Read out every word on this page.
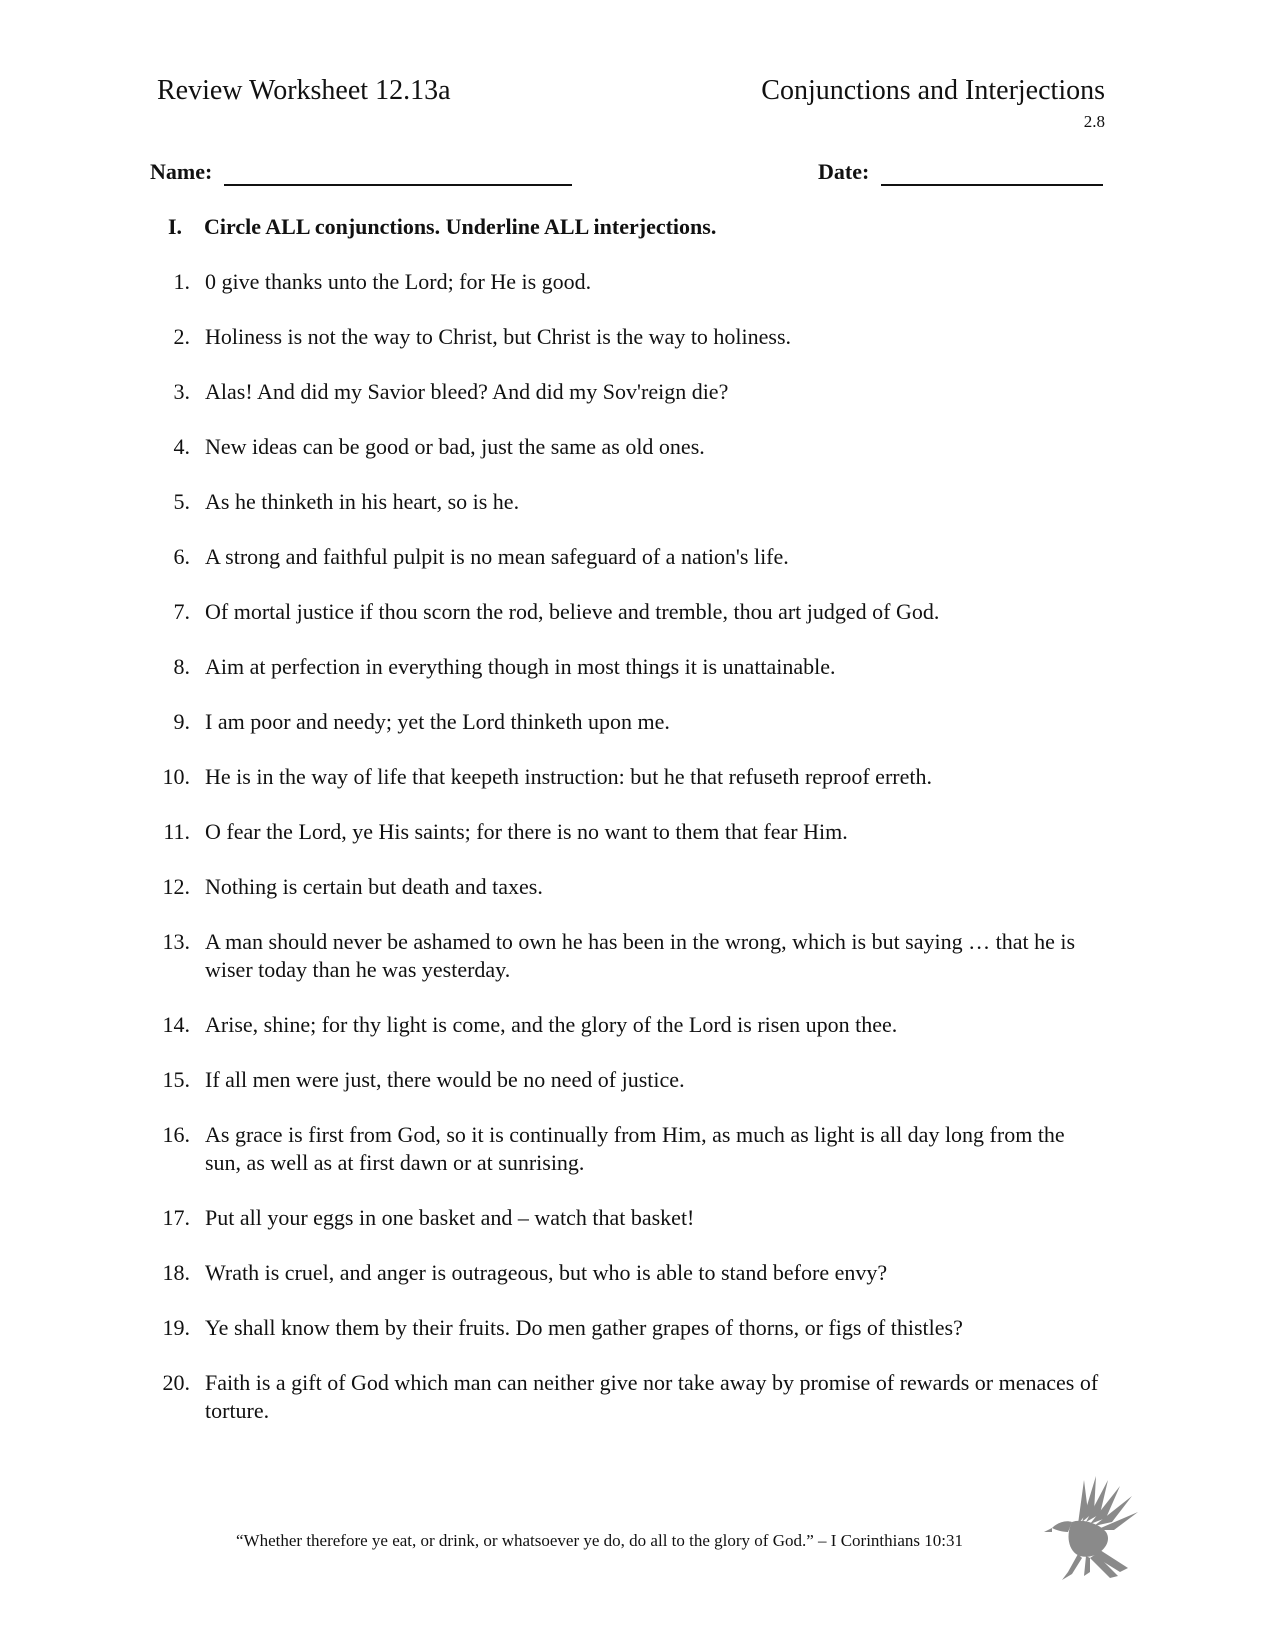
Review Worksheet 12.13a	Conjunctions and Interjections
2.8
Name:	Date:
I. Circle ALL conjunctions. Underline ALL interjections.
1. 0 give thanks unto the Lord; for He is good.
2. Holiness is not the way to Christ, but Christ is the way to holiness.
3. Alas! And did my Savior bleed? And did my Sov'reign die?
4. New ideas can be good or bad, just the same as old ones.
5. As he thinketh in his heart, so is he.
6. A strong and faithful pulpit is no mean safeguard of a nation's life.
7. Of mortal justice if thou scorn the rod, believe and tremble, thou art judged of God.
8. Aim at perfection in everything though in most things it is unattainable.
9. I am poor and needy; yet the Lord thinketh upon me.
10. He is in the way of life that keepeth instruction: but he that refuseth reproof erreth.
11. O fear the Lord, ye His saints; for there is no want to them that fear Him.
12. Nothing is certain but death and taxes.
13. A man should never be ashamed to own he has been in the wrong, which is but saying … that he is wiser today than he was yesterday.
14. Arise, shine; for thy light is come, and the glory of the Lord is risen upon thee.
15. If all men were just, there would be no need of justice.
16. As grace is first from God, so it is continually from Him, as much as light is all day long from the sun, as well as at first dawn or at sunrising.
17. Put all your eggs in one basket and – watch that basket!
18. Wrath is cruel, and anger is outrageous, but who is able to stand before envy?
19. Ye shall know them by their fruits. Do men gather grapes of thorns, or figs of thistles?
20. Faith is a gift of God which man can neither give nor take away by promise of rewards or menaces of torture.
“Whether therefore ye eat, or drink, or whatsoever ye do, do all to the glory of God.” – I Corinthians 10:31
